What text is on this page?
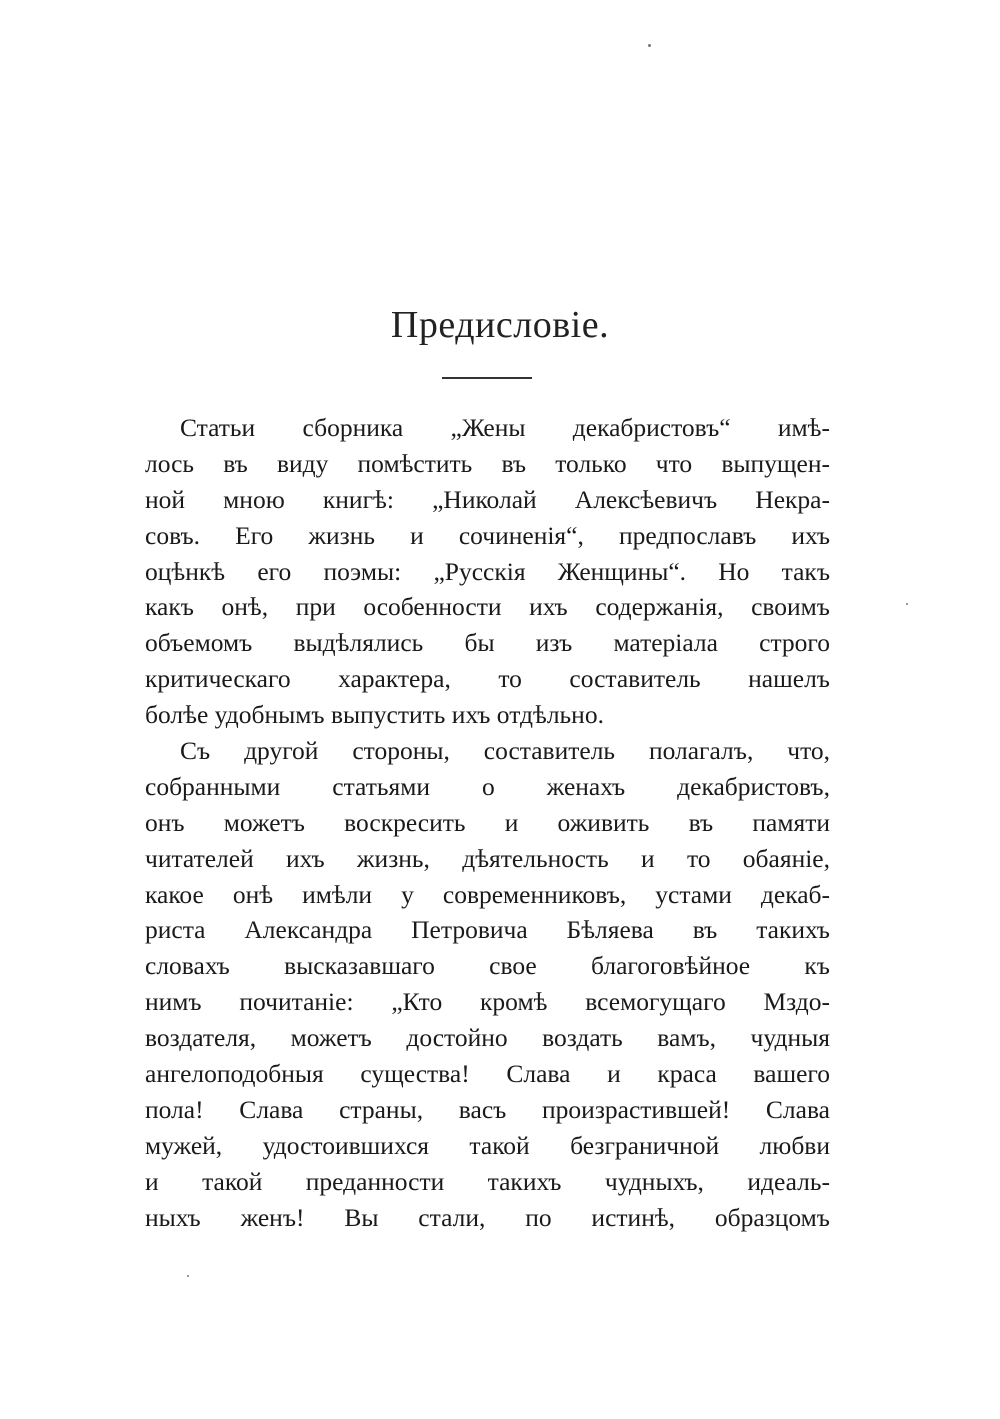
Предисловіе.
Статьи сборника „Жены декабристовъ“ имѣ-
лось въ виду помѣстить въ только что выпущен-
ной мною книгѣ: „Николай Алексѣевичъ Некра-
совъ. Его жизнь и сочиненія“, предпославъ ихъ
оцѣнкѣ его поэмы: „Русскія Женщины“. Но такъ
какъ онѣ, при особенности ихъ содержанія, своимъ
объемомъ выдѣлялись бы изъ матеріала строго
критическаго характера, то составитель нашелъ
болѣе удобнымъ выпустить ихъ отдѣльно.
Съ другой стороны, составитель полагалъ, что,
собранными статьями о женахъ декабристовъ,
онъ можетъ воскресить и оживить въ памяти
читателей ихъ жизнь, дѣятельность и то обаяніе,
какое онѣ имѣли у современниковъ, устами декаб-
риста Александра Петровича Бѣляева въ такихъ
словахъ высказавшаго свое благоговѣйное къ
нимъ почитаніе: „Кто кромѣ всемогущаго Мздо-
воздателя, можетъ достойно воздать вамъ, чудныя
ангелоподобныя существа! Слава и краса вашего
пола! Слава страны, васъ произрастившей! Слава
мужей, удостоившихся такой безграничной любви
и такой преданности такихъ чудныхъ, идеаль-
ныхъ женъ! Вы стали, по истинѣ, образцомъ
